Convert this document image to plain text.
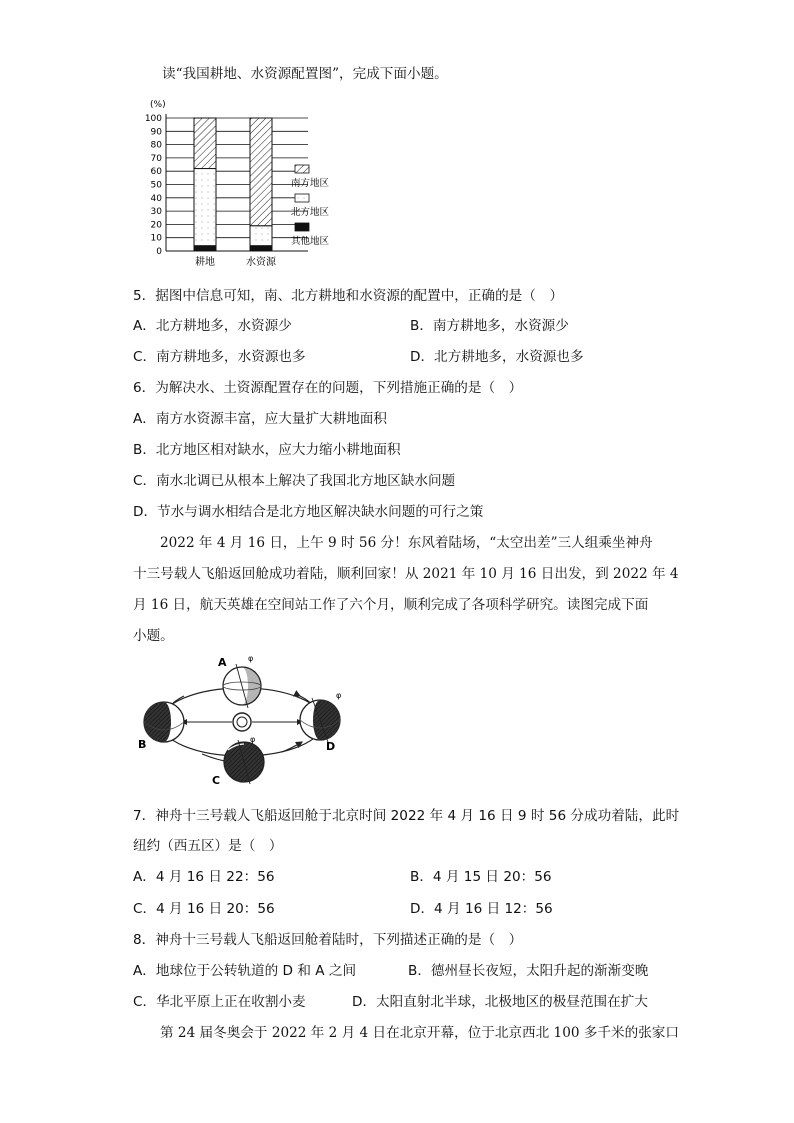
读“我国耕地、水资源配置图”，完成下面小题。
(%)
0
10
20
30
40
50
60
70
80
90
100
耕地	水资源
南方地区
北方地区
其他地区
5．据图中信息可知，南、北方耕地和水资源的配置中，正确的是（　）
A．北方耕地多，水资源少	B．南方耕地多，水资源少
C．南方耕地多，水资源也多	D．北方耕地多，水资源也多
6．为解决水、土资源配置存在的问题，下列措施正确的是（　）
A．南方水资源丰富，应大量扩大耕地面积
B．北方地区相对缺水，应大力缩小耕地面积
C．南水北调已从根本上解决了我国北方地区缺水问题
D．节水与调水相结合是北方地区解决缺水问题的可行之策
2022 年 4 月 16 日，上午 9 时 56 分！东风着陆场，“太空出差”三人组乘坐神舟
十三号载人飞船返回舱成功着陆，顺利回家！从 2021 年 10 月 16 日出发，到 2022 年 4
月 16 日，航天英雄在空间站工作了六个月，顺利完成了各项科学研究。读图完成下面
小题。
A
B
C
D
φ
φ
φ
7．神舟十三号载人飞船返回舱于北京时间 2022 年 4 月 16 日 9 时 56 分成功着陆，此时
纽约（西五区）是（　）
A．4 月 16 日 22：56	B．4 月 15 日 20：56
C．4 月 16 日 20：56	D．4 月 16 日 12：56
8．神舟十三号载人飞船返回舱着陆时，下列描述正确的是（　）
A．地球位于公转轨道的 D 和 A 之间	B．德州昼长夜短，太阳升起的渐渐变晚
C．华北平原上正在收割小麦	D．太阳直射北半球，北极地区的极昼范围在扩大
第 24 届冬奥会于 2022 年 2 月 4 日在北京开幕，位于北京西北 100 多千米的张家口
